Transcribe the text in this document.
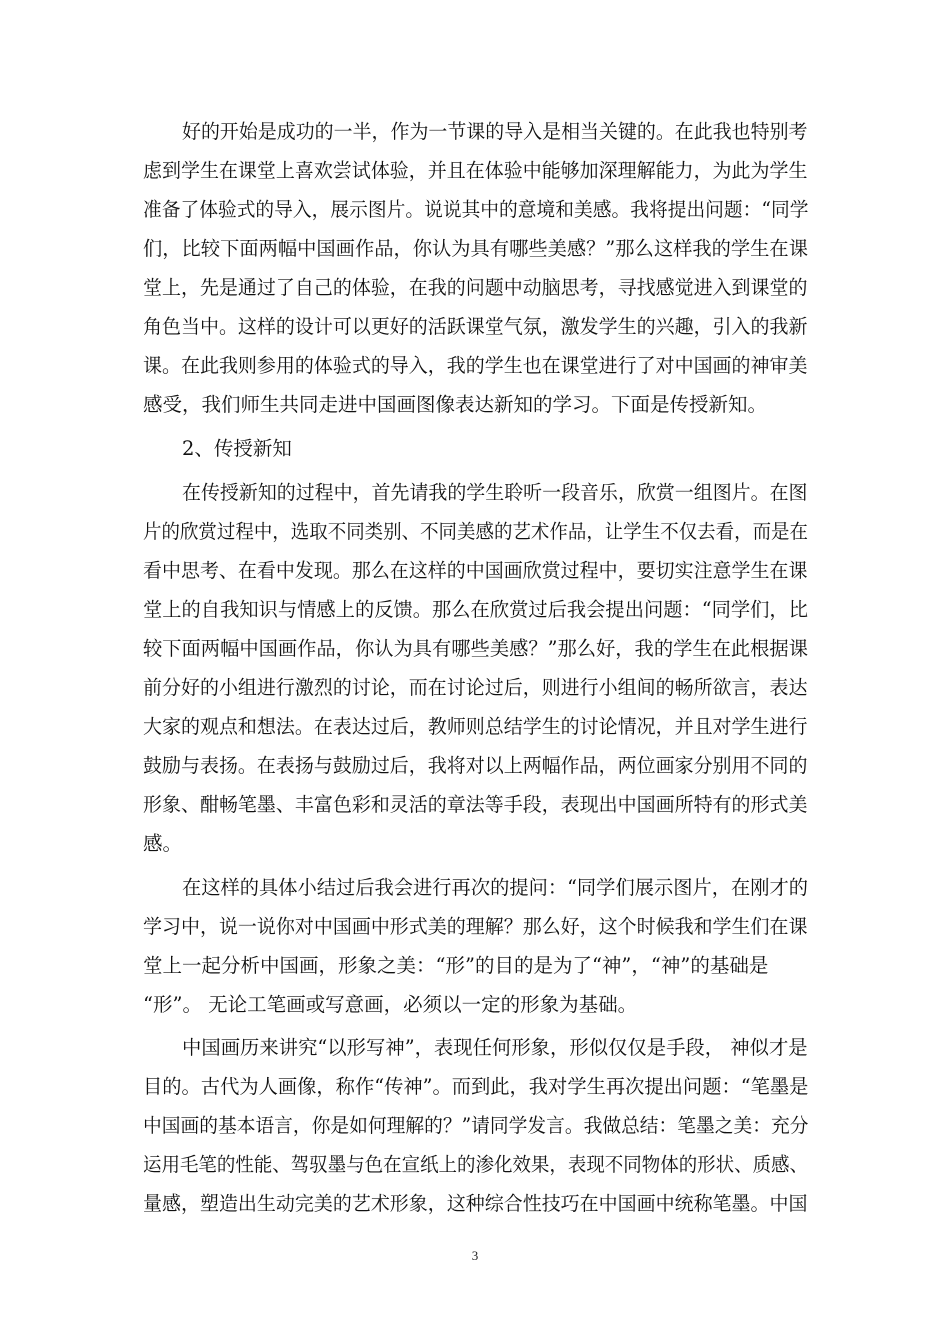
好的开始是成功的一半，作为一节课的导入是相当关键的。在此我也特别考
虑到学生在课堂上喜欢尝试体验，并且在体验中能够加深理解能力，为此为学生
准备了体验式的导入，展示图片。说说其中的意境和美感。我将提出问题：“同学
们，比较下面两幅中国画作品，你认为具有哪些美感？”那么这样我的学生在课
堂上，先是通过了自己的体验，在我的问题中动脑思考，寻找感觉进入到课堂的
角色当中。这样的设计可以更好的活跃课堂气氛，激发学生的兴趣，引入的我新
课。在此我则参用的体验式的导入，我的学生也在课堂进行了对中国画的神审美
感受，我们师生共同走进中国画图像表达新知的学习。下面是传授新知。
2、传授新知
在传授新知的过程中，首先请我的学生聆听一段音乐，欣赏一组图片。在图
片的欣赏过程中，选取不同类别、不同美感的艺术作品，让学生不仅去看，而是在
看中思考、在看中发现。那么在这样的中国画欣赏过程中，要切实注意学生在课
堂上的自我知识与情感上的反馈。那么在欣赏过后我会提出问题：“同学们，比
较下面两幅中国画作品，你认为具有哪些美感？”那么好，我的学生在此根据课
前分好的小组进行激烈的讨论，而在讨论过后，则进行小组间的畅所欲言，表达
大家的观点和想法。在表达过后，教师则总结学生的讨论情况，并且对学生进行
鼓励与表扬。在表扬与鼓励过后，我将对以上两幅作品，两位画家分别用不同的
形象、酣畅笔墨、丰富色彩和灵活的章法等手段，表现出中国画所特有的形式美
感。
在这样的具体小结过后我会进行再次的提问：“同学们展示图片，在刚才的
学习中，说一说你对中国画中形式美的理解？那么好，这个时候我和学生们在课
堂上一起分析中国画，形象之美：“形”的目的是为了“神”，“神”的基础是
“形”。 无论工笔画或写意画，必须以一定的形象为基础。
中国画历来讲究“以形写神”，表现任何形象，形似仅仅是手段， 神似才是
目的。古代为人画像，称作“传神”。而到此，我对学生再次提出问题：“笔墨是
中国画的基本语言，你是如何理解的？”请同学发言。我做总结：笔墨之美：充分
运用毛笔的性能、驾驭墨与色在宣纸上的渗化效果，表现不同物体的形状、质感、
量感，塑造出生动完美的艺术形象，这种综合性技巧在中国画中统称笔墨。中国
3
